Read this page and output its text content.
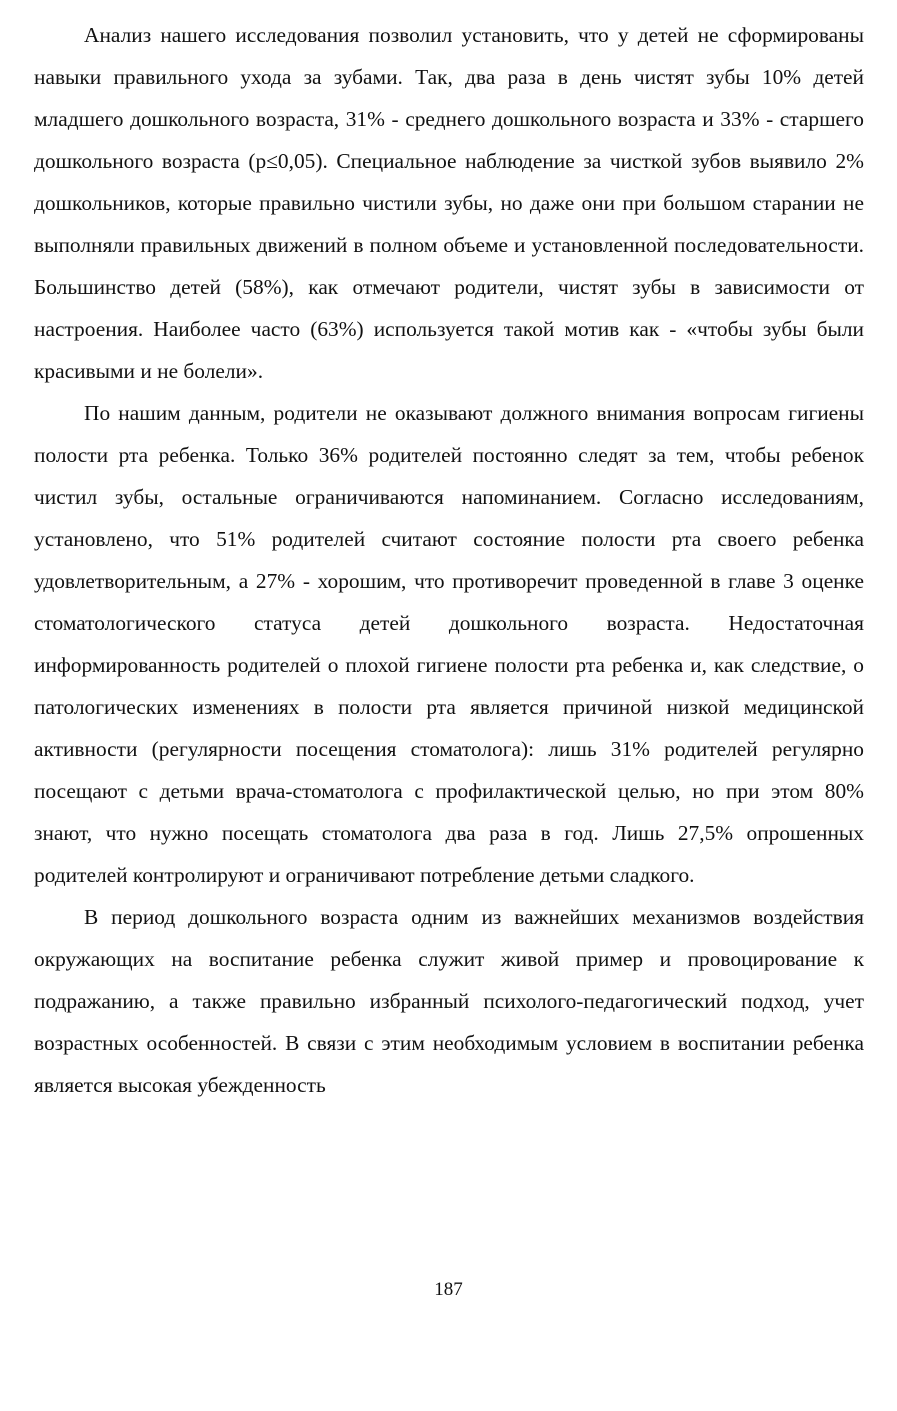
Анализ нашего исследования позволил установить, что у детей не сформированы навыки правильного ухода за зубами. Так, два раза в день чистят зубы 10% детей младшего дошкольного возраста, 31% - среднего дошкольного возраста и 33% - старшего дошкольного возраста (p≤0,05). Специальное наблюдение за чисткой зубов выявило 2% дошкольников, которые правильно чистили зубы, но даже они при большом старании не выполняли правильных движений в полном объеме и установленной последовательности. Большинство детей (58%), как отмечают родители, чистят зубы в зависимости от настроения. Наиболее часто (63%) используется такой мотив как - «чтобы зубы были красивыми и не болели».

По нашим данным, родители не оказывают должного внимания вопросам гигиены полости рта ребенка. Только 36% родителей постоянно следят за тем, чтобы ребенок чистил зубы, остальные ограничиваются напоминанием. Согласно исследованиям, установлено, что 51% родителей считают состояние полости рта своего ребенка удовлетворительным, а 27% - хорошим, что противоречит проведенной в главе 3 оценке стоматологического статуса детей дошкольного возраста. Недостаточная информированность родителей о плохой гигиене полости рта ребенка и, как следствие, о патологических изменениях в полости рта является причиной низкой медицинской активности (регулярности посещения стоматолога): лишь 31% родителей регулярно посещают с детьми врача-стоматолога с профилактической целью, но при этом 80% знают, что нужно посещать стоматолога два раза в год. Лишь 27,5% опрошенных родителей контролируют и ограничивают потребление детьми сладкого.

В период дошкольного возраста одним из важнейших механизмов воздействия окружающих на воспитание ребенка служит живой пример и провоцирование к подражанию, а также правильно избранный психолого-педагогический подход, учет возрастных особенностей. В связи с этим необходимым условием в воспитании ребенка является высокая убежденность

187
